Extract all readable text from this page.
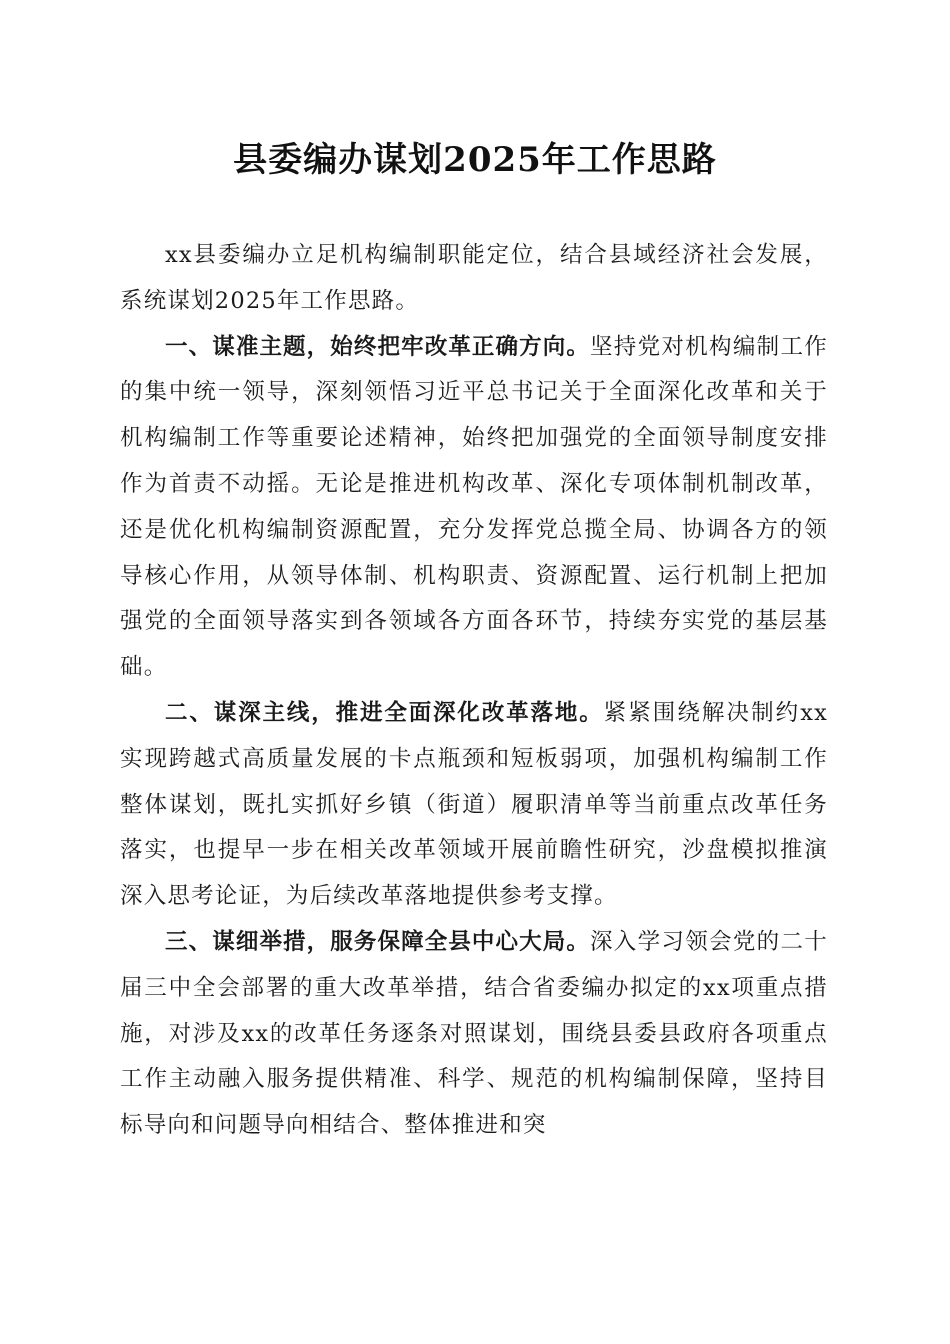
县委编办谋划2025年工作思路

xx县委编办立足机构编制职能定位，结合县域经济社会发展，系统谋划2025年工作思路。

一、谋准主题，始终把牢改革正确方向。坚持党对机构编制工作的集中统一领导，深刻领悟习近平总书记关于全面深化改革和关于机构编制工作等重要论述精神，始终把加强党的全面领导制度安排作为首责不动摇。无论是推进机构改革、深化专项体制机制改革，还是优化机构编制资源配置，充分发挥党总揽全局、协调各方的领导核心作用，从领导体制、机构职责、资源配置、运行机制上把加强党的全面领导落实到各领域各方面各环节，持续夯实党的基层基础。

二、谋深主线，推进全面深化改革落地。紧紧围绕解决制约xx实现跨越式高质量发展的卡点瓶颈和短板弱项，加强机构编制工作整体谋划，既扎实抓好乡镇（街道）履职清单等当前重点改革任务落实，也提早一步在相关改革领域开展前瞻性研究，沙盘模拟推演深入思考论证，为后续改革落地提供参考支撑。

三、谋细举措，服务保障全县中心大局。深入学习领会党的二十届三中全会部署的重大改革举措，结合省委编办拟定的xx项重点措施，对涉及xx的改革任务逐条对照谋划，围绕县委县政府各项重点工作主动融入服务提供精准、科学、规范的机构编制保障，坚持目标导向和问题导向相结合、整体推进和突
